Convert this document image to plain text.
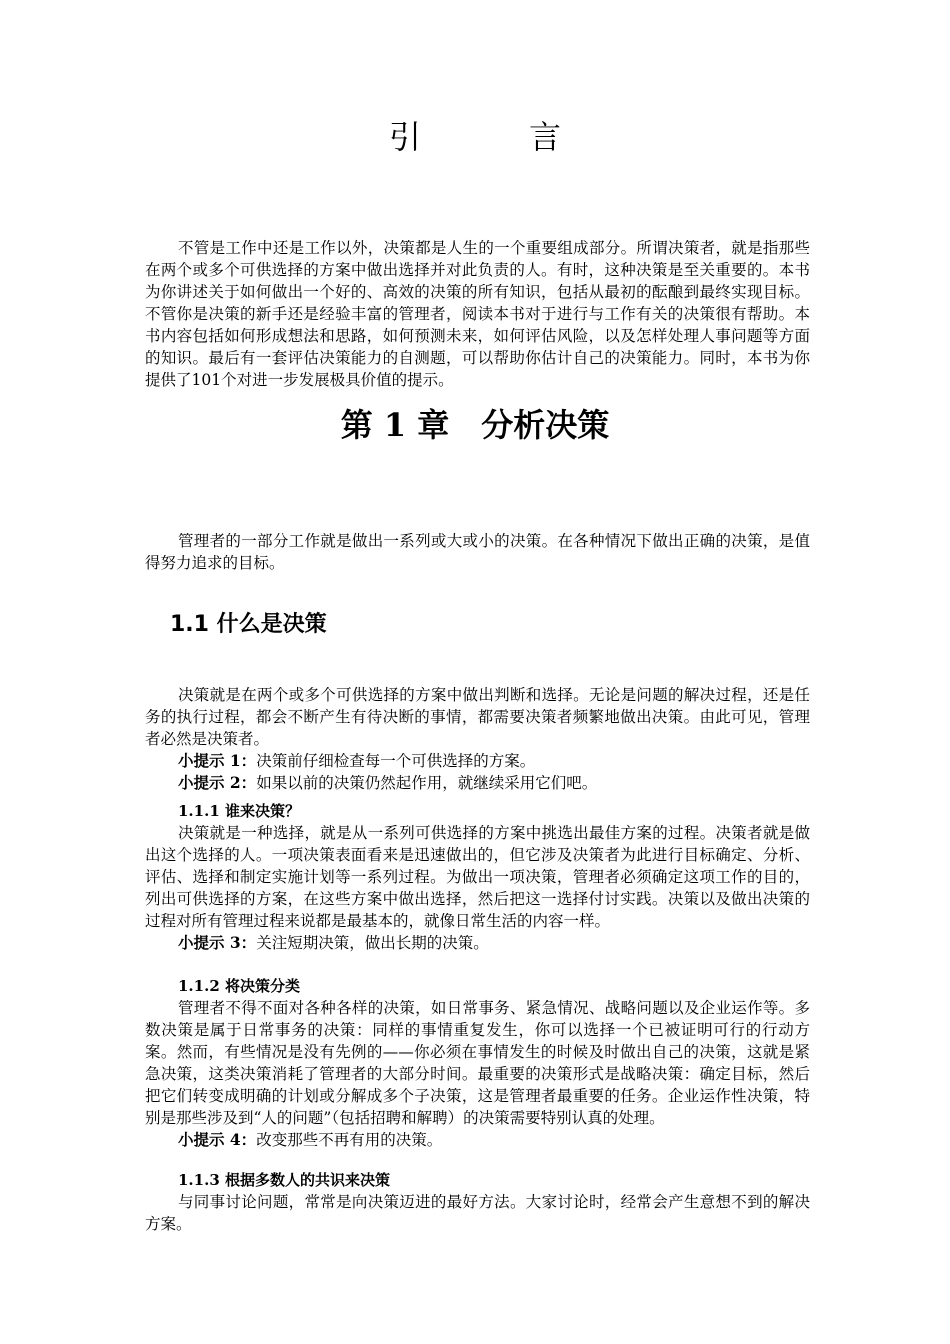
引　言

不管是工作中还是工作以外，决策都是人生的一个重要组成部分。所谓决策者，就是指那些在两个或多个可供选择的方案中做出选择并对此负责的人。有时，这种决策是至关重要的。本书为你讲述关于如何做出一个好的、高效的决策的所有知识，包括从最初的酝酿到最终实现目标。不管你是决策的新手还是经验丰富的管理者，阅读本书对于进行与工作有关的决策很有帮助。本书内容包括如何形成想法和思路，如何预测未来，如何评估风险，以及怎样处理人事问题等方面的知识。最后有一套评估决策能力的自测题，可以帮助你估计自己的决策能力。同时，本书为你提供了101个对进一步发展极具价值的提示。

第 1 章　分析决策

管理者的一部分工作就是做出一系列或大或小的决策。在各种情况下做出正确的决策，是值得努力追求的目标。

1.1 什么是决策

决策就是在两个或多个可供选择的方案中做出判断和选择。无论是问题的解决过程，还是任务的执行过程，都会不断产生有待决断的事情，都需要决策者频繁地做出决策。由此可见，管理者必然是决策者。

小提示 1：决策前仔细检查每一个可供选择的方案。

小提示 2：如果以前的决策仍然起作用，就继续采用它们吧。

1.1.1 谁来决策？

决策就是一种选择，就是从一系列可供选择的方案中挑选出最佳方案的过程。决策者就是做出这个选择的人。一项决策表面看来是迅速做出的，但它涉及决策者为此进行目标确定、分析、评估、选择和制定实施计划等一系列过程。为做出一项决策，管理者必须确定这项工作的目的，列出可供选择的方案，在这些方案中做出选择，然后把这一选择付讨实践。决策以及做出决策的过程对所有管理过程来说都是最基本的，就像日常生活的内容一样。

小提示 3：关注短期决策，做出长期的决策。

1.1.2 将决策分类

管理者不得不面对各种各样的决策，如日常事务、紧急情况、战略问题以及企业运作等。多数决策是属于日常事务的决策：同样的事情重复发生，你可以选择一个已被证明可行的行动方案。然而，有些情况是没有先例的——你必须在事情发生的时候及时做出自己的决策，这就是紧急决策，这类决策消耗了管理者的大部分时间。最重要的决策形式是战略决策：确定目标，然后把它们转变成明确的计划或分解成多个子决策，这是管理者最重要的任务。企业运作性决策，特别是那些涉及到“人的问题”（包括招聘和解聘）的决策需要特别认真的处理。

小提示 4：改变那些不再有用的决策。

1.1.3 根据多数人的共识来决策

与同事讨论问题，常常是向决策迈进的最好方法。大家讨论时，经常会产生意想不到的解决方案。
